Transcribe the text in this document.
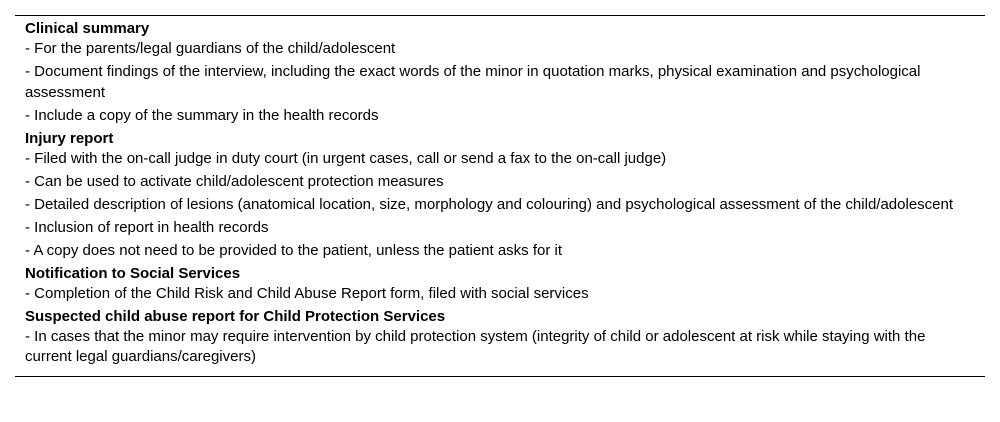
Clinical summary

- For the parents/legal guardians of the child/adolescent

- Document findings of the interview, including the exact words of the minor in quotation marks, physical examination and psychological assessment

- Include a copy of the summary in the health records

Injury report

- Filed with the on-call judge in duty court (in urgent cases, call or send a fax to the on-call judge)

- Can be used to activate child/adolescent protection measures

- Detailed description of lesions (anatomical location, size, morphology and colouring) and psychological assessment of the child/adolescent

- Inclusion of report in health records

- A copy does not need to be provided to the patient, unless the patient asks for it

Notification to Social Services

- Completion of the Child Risk and Child Abuse Report form, filed with social services

Suspected child abuse report for Child Protection Services

- In cases that the minor may require intervention by child protection system (integrity of child or adolescent at risk while staying with the current legal guardians/caregivers)
